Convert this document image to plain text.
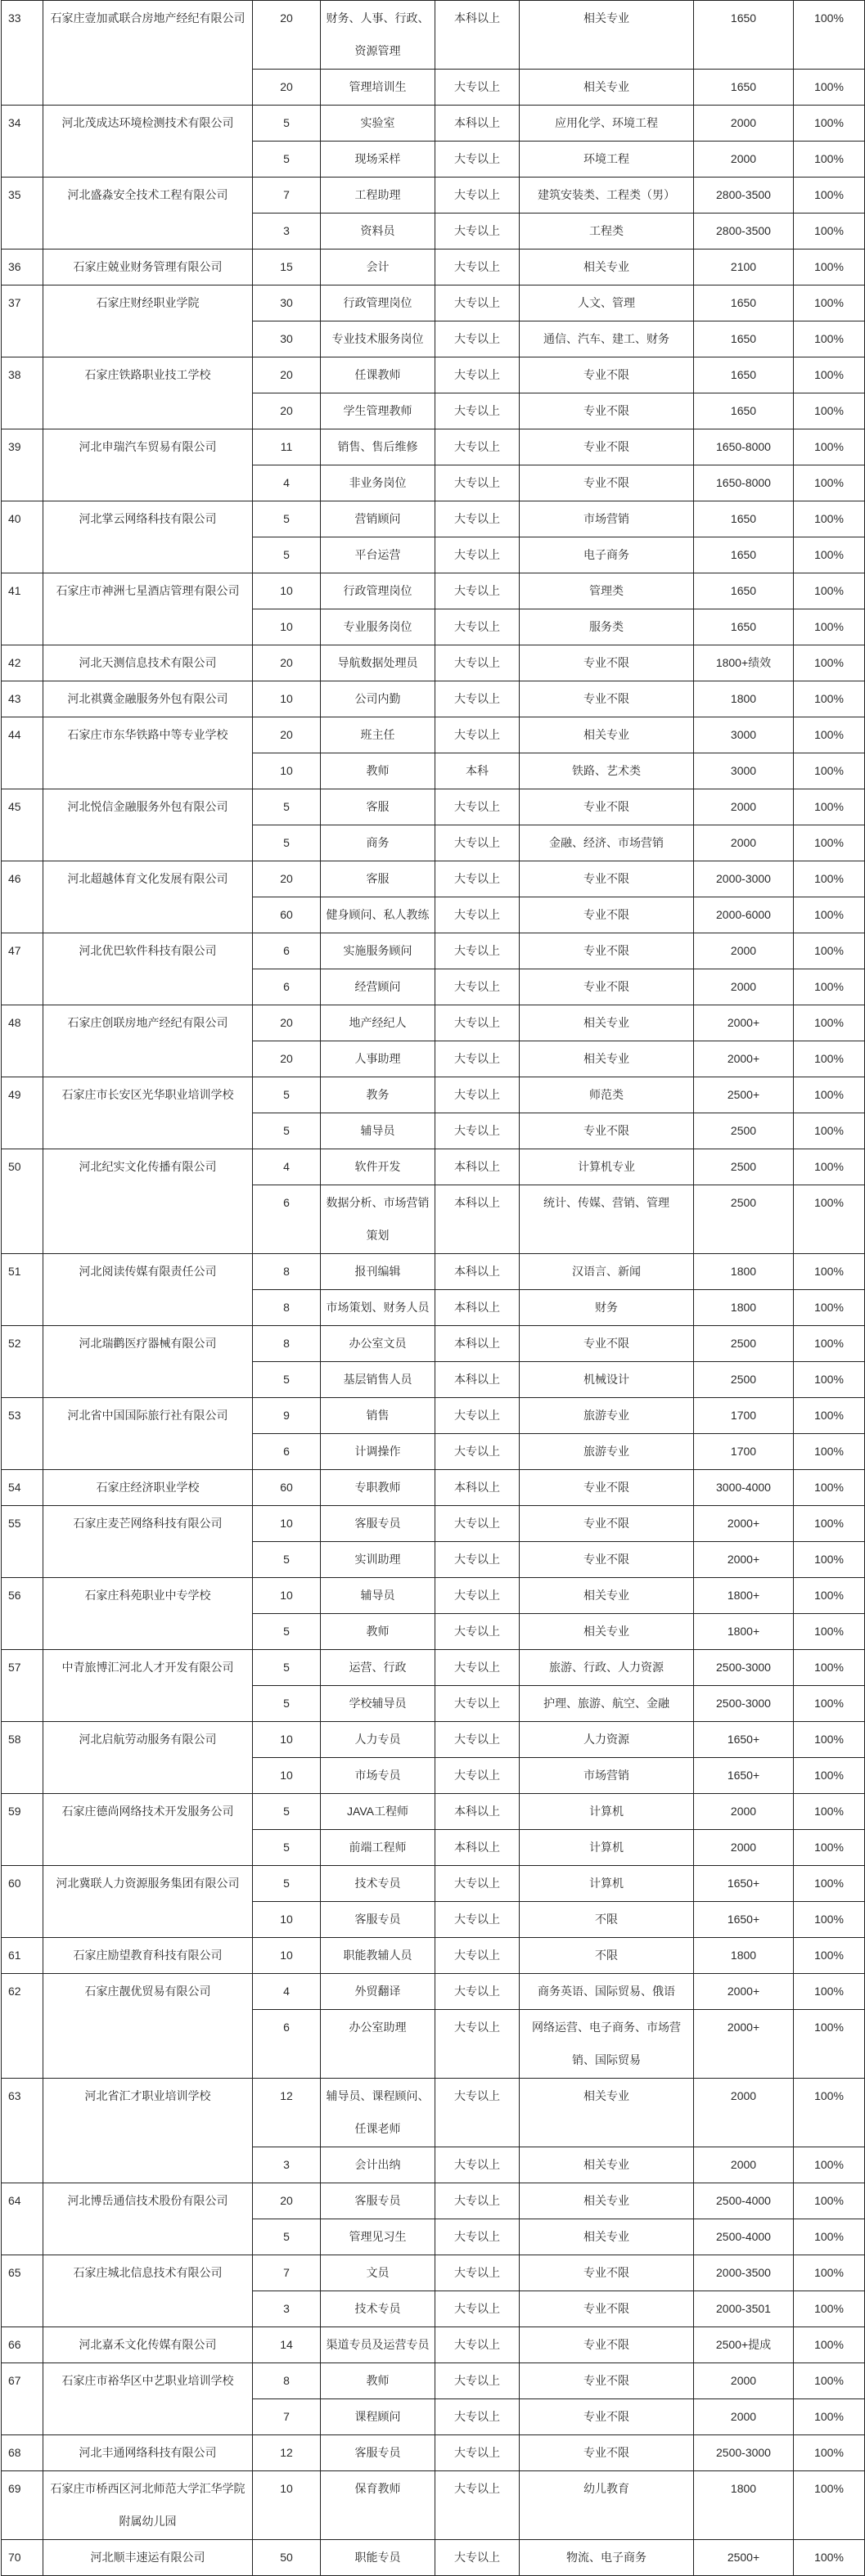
33	石家庄壹加贰联合房地产经纪有限公司	20	财务、人事、行政、资源管理	本科以上	相关专业	1650	100%
		20	管理培训生	大专以上	相关专业	1650	100%
34	河北茂成达环境检测技术有限公司	5	实验室	本科以上	应用化学、环境工程	2000	100%
		5	现场采样	大专以上	环境工程	2000	100%
35	河北盛淼安全技术工程有限公司	7	工程助理	大专以上	建筑安装类、工程类（男）	2800-3500	100%
		3	资料员	大专以上	工程类	2800-3500	100%
36	石家庄兢业财务管理有限公司	15	会计	大专以上	相关专业	2100	100%
37	石家庄财经职业学院	30	行政管理岗位	大专以上	人文、管理	1650	100%
		30	专业技术服务岗位	大专以上	通信、汽车、建工、财务	1650	100%
38	石家庄铁路职业技工学校	20	任课教师	大专以上	专业不限	1650	100%
		20	学生管理教师	大专以上	专业不限	1650	100%
39	河北申瑞汽车贸易有限公司	11	销售、售后维修	大专以上	专业不限	1650-8000	100%
		4	非业务岗位	大专以上	专业不限	1650-8000	100%
40	河北掌云网络科技有限公司	5	营销顾问	大专以上	市场营销	1650	100%
		5	平台运营	大专以上	电子商务	1650	100%
41	石家庄市神洲七星酒店管理有限公司	10	行政管理岗位	大专以上	管理类	1650	100%
		10	专业服务岗位	大专以上	服务类	1650	100%
42	河北天测信息技术有限公司	20	导航数据处理员	大专以上	专业不限	1800+绩效	100%
43	河北祺冀金融服务外包有限公司	10	公司内勤	大专以上	专业不限	1800	100%
44	石家庄市东华铁路中等专业学校	20	班主任	大专以上	相关专业	3000	100%
		10	教师	本科	铁路、艺术类	3000	100%
45	河北悦信金融服务外包有限公司	5	客服	大专以上	专业不限	2000	100%
		5	商务	大专以上	金融、经济、市场营销	2000	100%
46	河北超越体育文化发展有限公司	20	客服	大专以上	专业不限	2000-3000	100%
		60	健身顾问、私人教练	大专以上	专业不限	2000-6000	100%
47	河北优巴软件科技有限公司	6	实施服务顾问	大专以上	专业不限	2000	100%
		6	经营顾问	大专以上	专业不限	2000	100%
48	石家庄创联房地产经纪有限公司	20	地产经纪人	大专以上	相关专业	2000+	100%
		20	人事助理	大专以上	相关专业	2000+	100%
49	石家庄市长安区光华职业培训学校	5	教务	大专以上	师范类	2500+	100%
		5	辅导员	大专以上	专业不限	2500	100%
50	河北纪实文化传播有限公司	4	软件开发	本科以上	计算机专业	2500	100%
		6	数据分析、市场营销策划	本科以上	统计、传媒、营销、管理	2500	100%
51	河北阅读传媒有限责任公司	8	报刊编辑	本科以上	汉语言、新闻	1800	100%
		8	市场策划、财务人员	本科以上	财务	1800	100%
52	河北瑞鹳医疗器械有限公司	8	办公室文员	本科以上	专业不限	2500	100%
		5	基层销售人员	本科以上	机械设计	2500	100%
53	河北省中国国际旅行社有限公司	9	销售	大专以上	旅游专业	1700	100%
		6	计调操作	大专以上	旅游专业	1700	100%
54	石家庄经济职业学校	60	专职教师	本科以上	专业不限	3000-4000	100%
55	石家庄麦芒网络科技有限公司	10	客服专员	大专以上	专业不限	2000+	100%
		5	实训助理	大专以上	专业不限	2000+	100%
56	石家庄科苑职业中专学校	10	辅导员	大专以上	相关专业	1800+	100%
		5	教师	大专以上	相关专业	1800+	100%
57	中青旅博汇河北人才开发有限公司	5	运营、行政	大专以上	旅游、行政、人力资源	2500-3000	100%
		5	学校辅导员	大专以上	护理、旅游、航空、金融	2500-3000	100%
58	河北启航劳动服务有限公司	10	人力专员	大专以上	人力资源	1650+	100%
		10	市场专员	大专以上	市场营销	1650+	100%
59	石家庄德尚网络技术开发服务公司	5	JAVA工程师	本科以上	计算机	2000	100%
		5	前端工程师	本科以上	计算机	2000	100%
60	河北冀联人力资源服务集团有限公司	5	技术专员	大专以上	计算机	1650+	100%
		10	客服专员	大专以上	不限	1650+	100%
61	石家庄励望教育科技有限公司	10	职能教辅人员	大专以上	不限	1800	100%
62	石家庄靓优贸易有限公司	4	外贸翻译	大专以上	商务英语、国际贸易、俄语	2000+	100%
		6	办公室助理	大专以上	网络运营、电子商务、市场营销、国际贸易	2000+	100%
63	河北省汇才职业培训学校	12	辅导员、课程顾问、任课老师	大专以上	相关专业	2000	100%
		3	会计出纳	大专以上	相关专业	2000	100%
64	河北博岳通信技术股份有限公司	20	客服专员	大专以上	相关专业	2500-4000	100%
		5	管理见习生	大专以上	相关专业	2500-4000	100%
65	石家庄城北信息技术有限公司	7	文员	大专以上	专业不限	2000-3500	100%
		3	技术专员	大专以上	专业不限	2000-3501	100%
66	河北嘉禾文化传媒有限公司	14	渠道专员及运营专员	大专以上	专业不限	2500+提成	100%
67	石家庄市裕华区中艺职业培训学校	8	教师	大专以上	专业不限	2000	100%
		7	课程顾问	大专以上	专业不限	2000	100%
68	河北丰通网络科技有限公司	12	客服专员	大专以上	专业不限	2500-3000	100%
69	石家庄市桥西区河北师范大学汇华学院附属幼儿园	10	保育教师	大专以上	幼儿教育	1800	100%
70	河北顺丰速运有限公司	50	职能专员	大专以上	物流、电子商务	2500+	100%
